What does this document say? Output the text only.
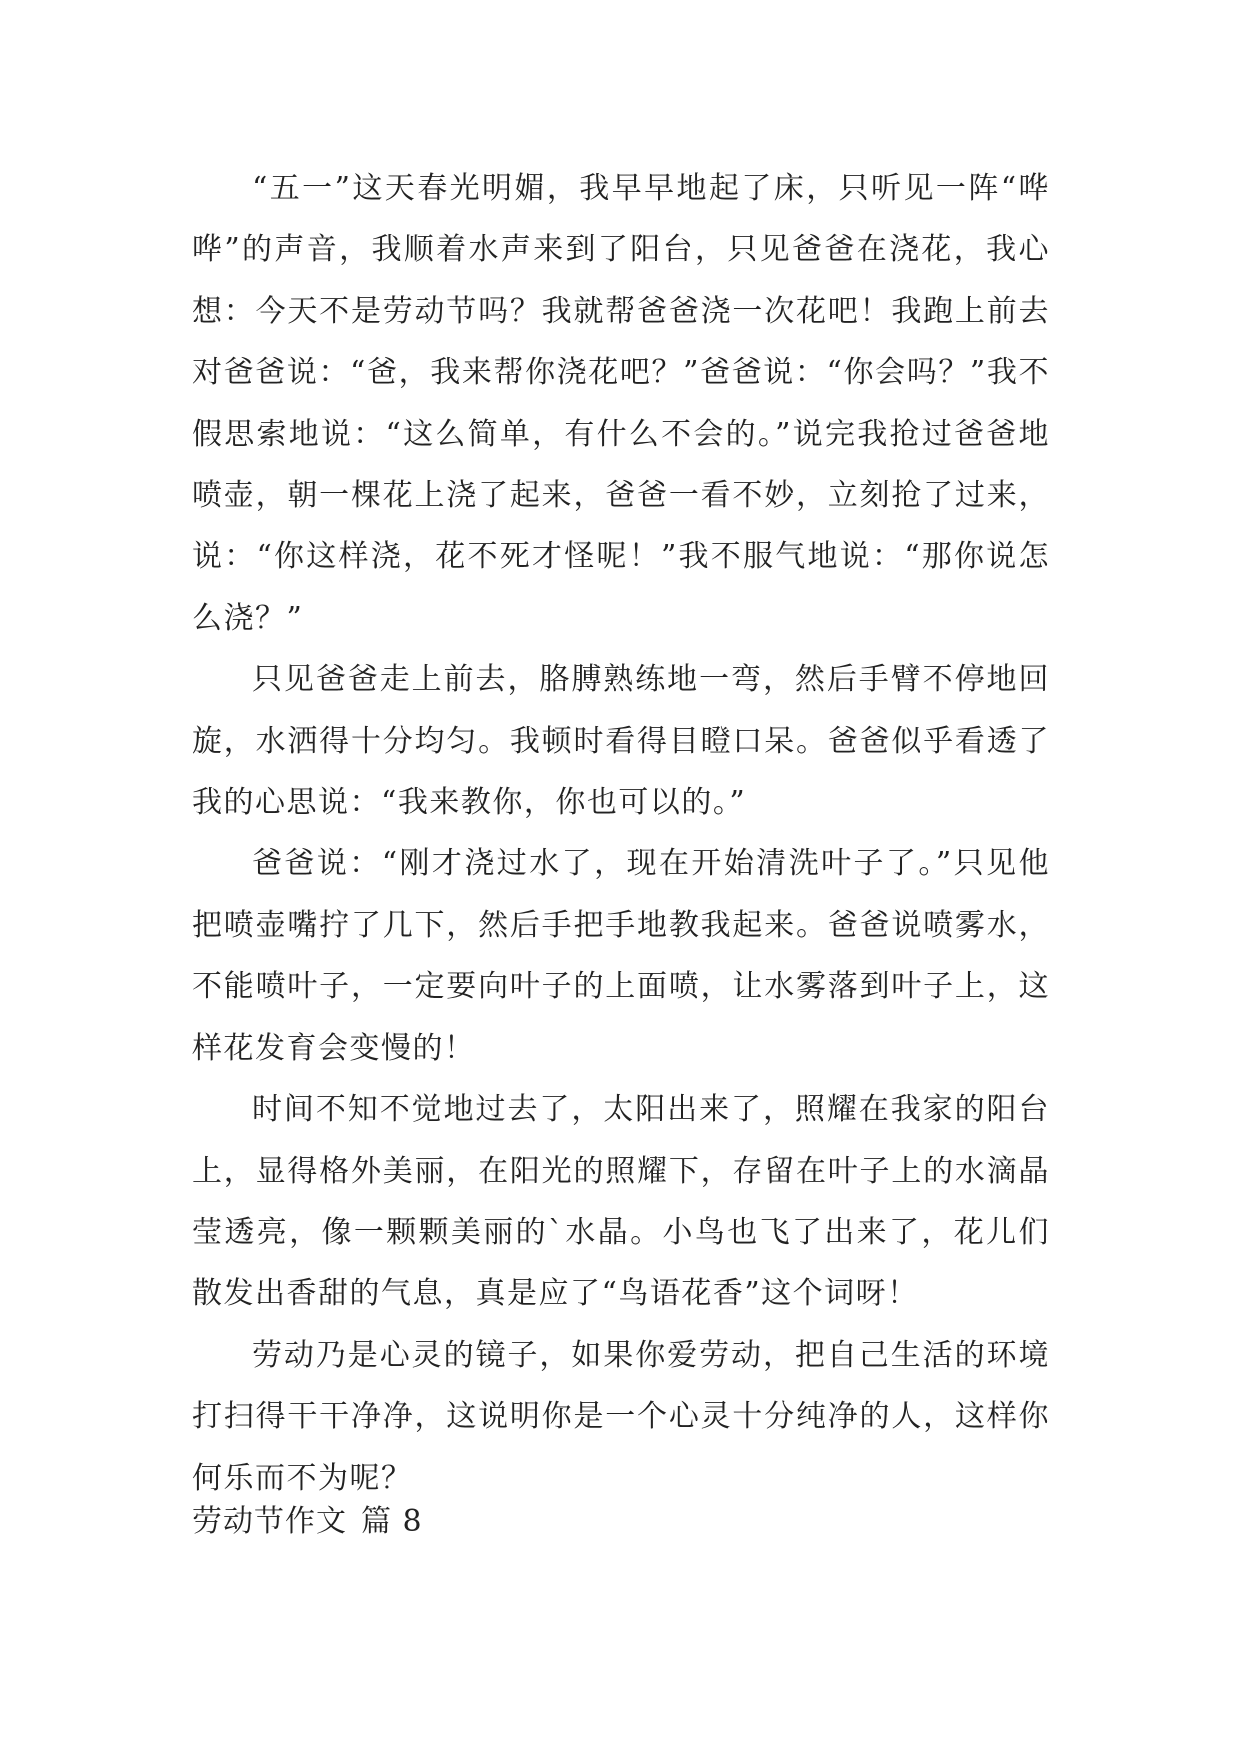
“五一”这天春光明媚，我早早地起了床，只听见一阵“哗哗”的声音，我顺着水声来到了阳台，只见爸爸在浇花，我心想：今天不是劳动节吗？我就帮爸爸浇一次花吧！我跑上前去对爸爸说：“爸，我来帮你浇花吧？”爸爸说：“你会吗？”我不假思索地说：“这么简单，有什么不会的。”说完我抢过爸爸地喷壶，朝一棵花上浇了起来，爸爸一看不妙，立刻抢了过来，说：“你这样浇，花不死才怪呢！”我不服气地说：“那你说怎么浇？”

只见爸爸走上前去，胳膊熟练地一弯，然后手臂不停地回旋，水洒得十分均匀。我顿时看得目瞪口呆。爸爸似乎看透了我的心思说：“我来教你，你也可以的。”

爸爸说：“刚才浇过水了，现在开始清洗叶子了。”只见他把喷壶嘴拧了几下，然后手把手地教我起来。爸爸说喷雾水，不能喷叶子，一定要向叶子的上面喷，让水雾落到叶子上，这样花发育会变慢的！

时间不知不觉地过去了，太阳出来了，照耀在我家的阳台上，显得格外美丽，在阳光的照耀下，存留在叶子上的水滴晶莹透亮，像一颗颗美丽的`水晶。小鸟也飞了出来了，花儿们散发出香甜的气息，真是应了“鸟语花香”这个词呀！

劳动乃是心灵的镜子，如果你爱劳动，把自己生活的环境打扫得干干净净，这说明你是一个心灵十分纯净的人，这样你何乐而不为呢？

劳动节作文 篇 8
